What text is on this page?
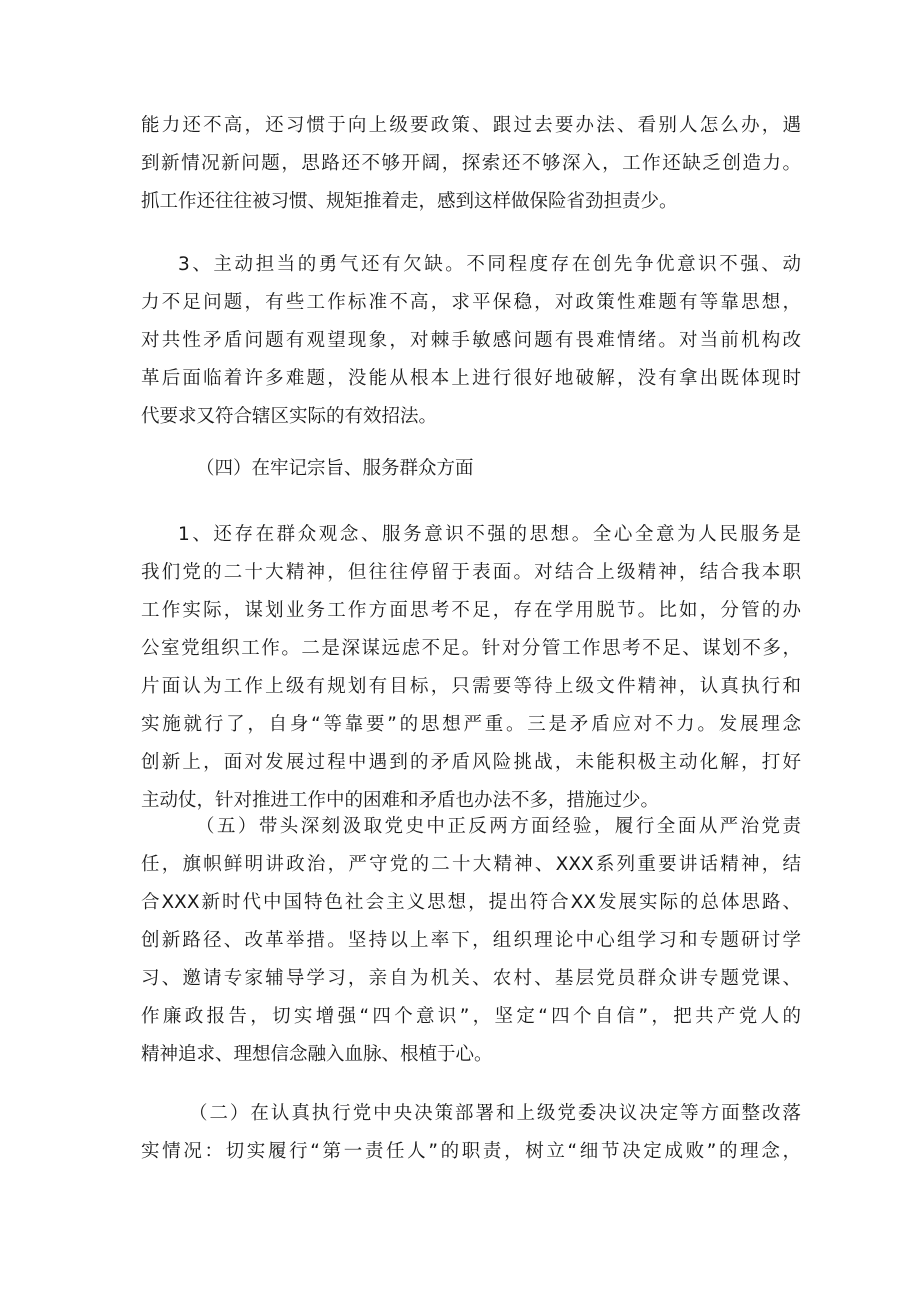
能力还不高，还习惯于向上级要政策、跟过去要办法、看别人怎么办，遇
到新情况新问题，思路还不够开阔，探索还不够深入，工作还缺乏创造力。
抓工作还往往被习惯、规矩推着走，感到这样做保险省劲担责少。
3、主动担当的勇气还有欠缺。不同程度存在创先争优意识不强、动
力不足问题，有些工作标准不高，求平保稳，对政策性难题有等靠思想，
对共性矛盾问题有观望现象，对棘手敏感问题有畏难情绪。对当前机构改
革后面临着许多难题，没能从根本上进行很好地破解，没有拿出既体现时
代要求又符合辖区实际的有效招法。
（四）在牢记宗旨、服务群众方面
1、还存在群众观念、服务意识不强的思想。全心全意为人民服务是
我们党的二十大精神，但往往停留于表面。对结合上级精神，结合我本职
工作实际，谋划业务工作方面思考不足，存在学用脱节。比如，分管的办
公室党组织工作。二是深谋远虑不足。针对分管工作思考不足、谋划不多，
片面认为工作上级有规划有目标，只需要等待上级文件精神，认真执行和
实施就行了，自身“等靠要”的思想严重。三是矛盾应对不力。发展理念
创新上，面对发展过程中遇到的矛盾风险挑战，未能积极主动化解，打好
主动仗，针对推进工作中的困难和矛盾也办法不多，措施过少。
（五）带头深刻汲取党史中正反两方面经验，履行全面从严治党责
任，旗帜鲜明讲政治，严守党的二十大精神、XXX系列重要讲话精神，结
合XXX新时代中国特色社会主义思想，提出符合XX发展实际的总体思路、
创新路径、改革举措。坚持以上率下，组织理论中心组学习和专题研讨学
习、邀请专家辅导学习，亲自为机关、农村、基层党员群众讲专题党课、
作廉政报告，切实增强“四个意识”，坚定“四个自信”，把共产党人的
精神追求、理想信念融入血脉、根植于心。
（二）在认真执行党中央决策部署和上级党委决议决定等方面整改落
实情况：切实履行“第一责任人”的职责，树立“细节决定成败”的理念，
